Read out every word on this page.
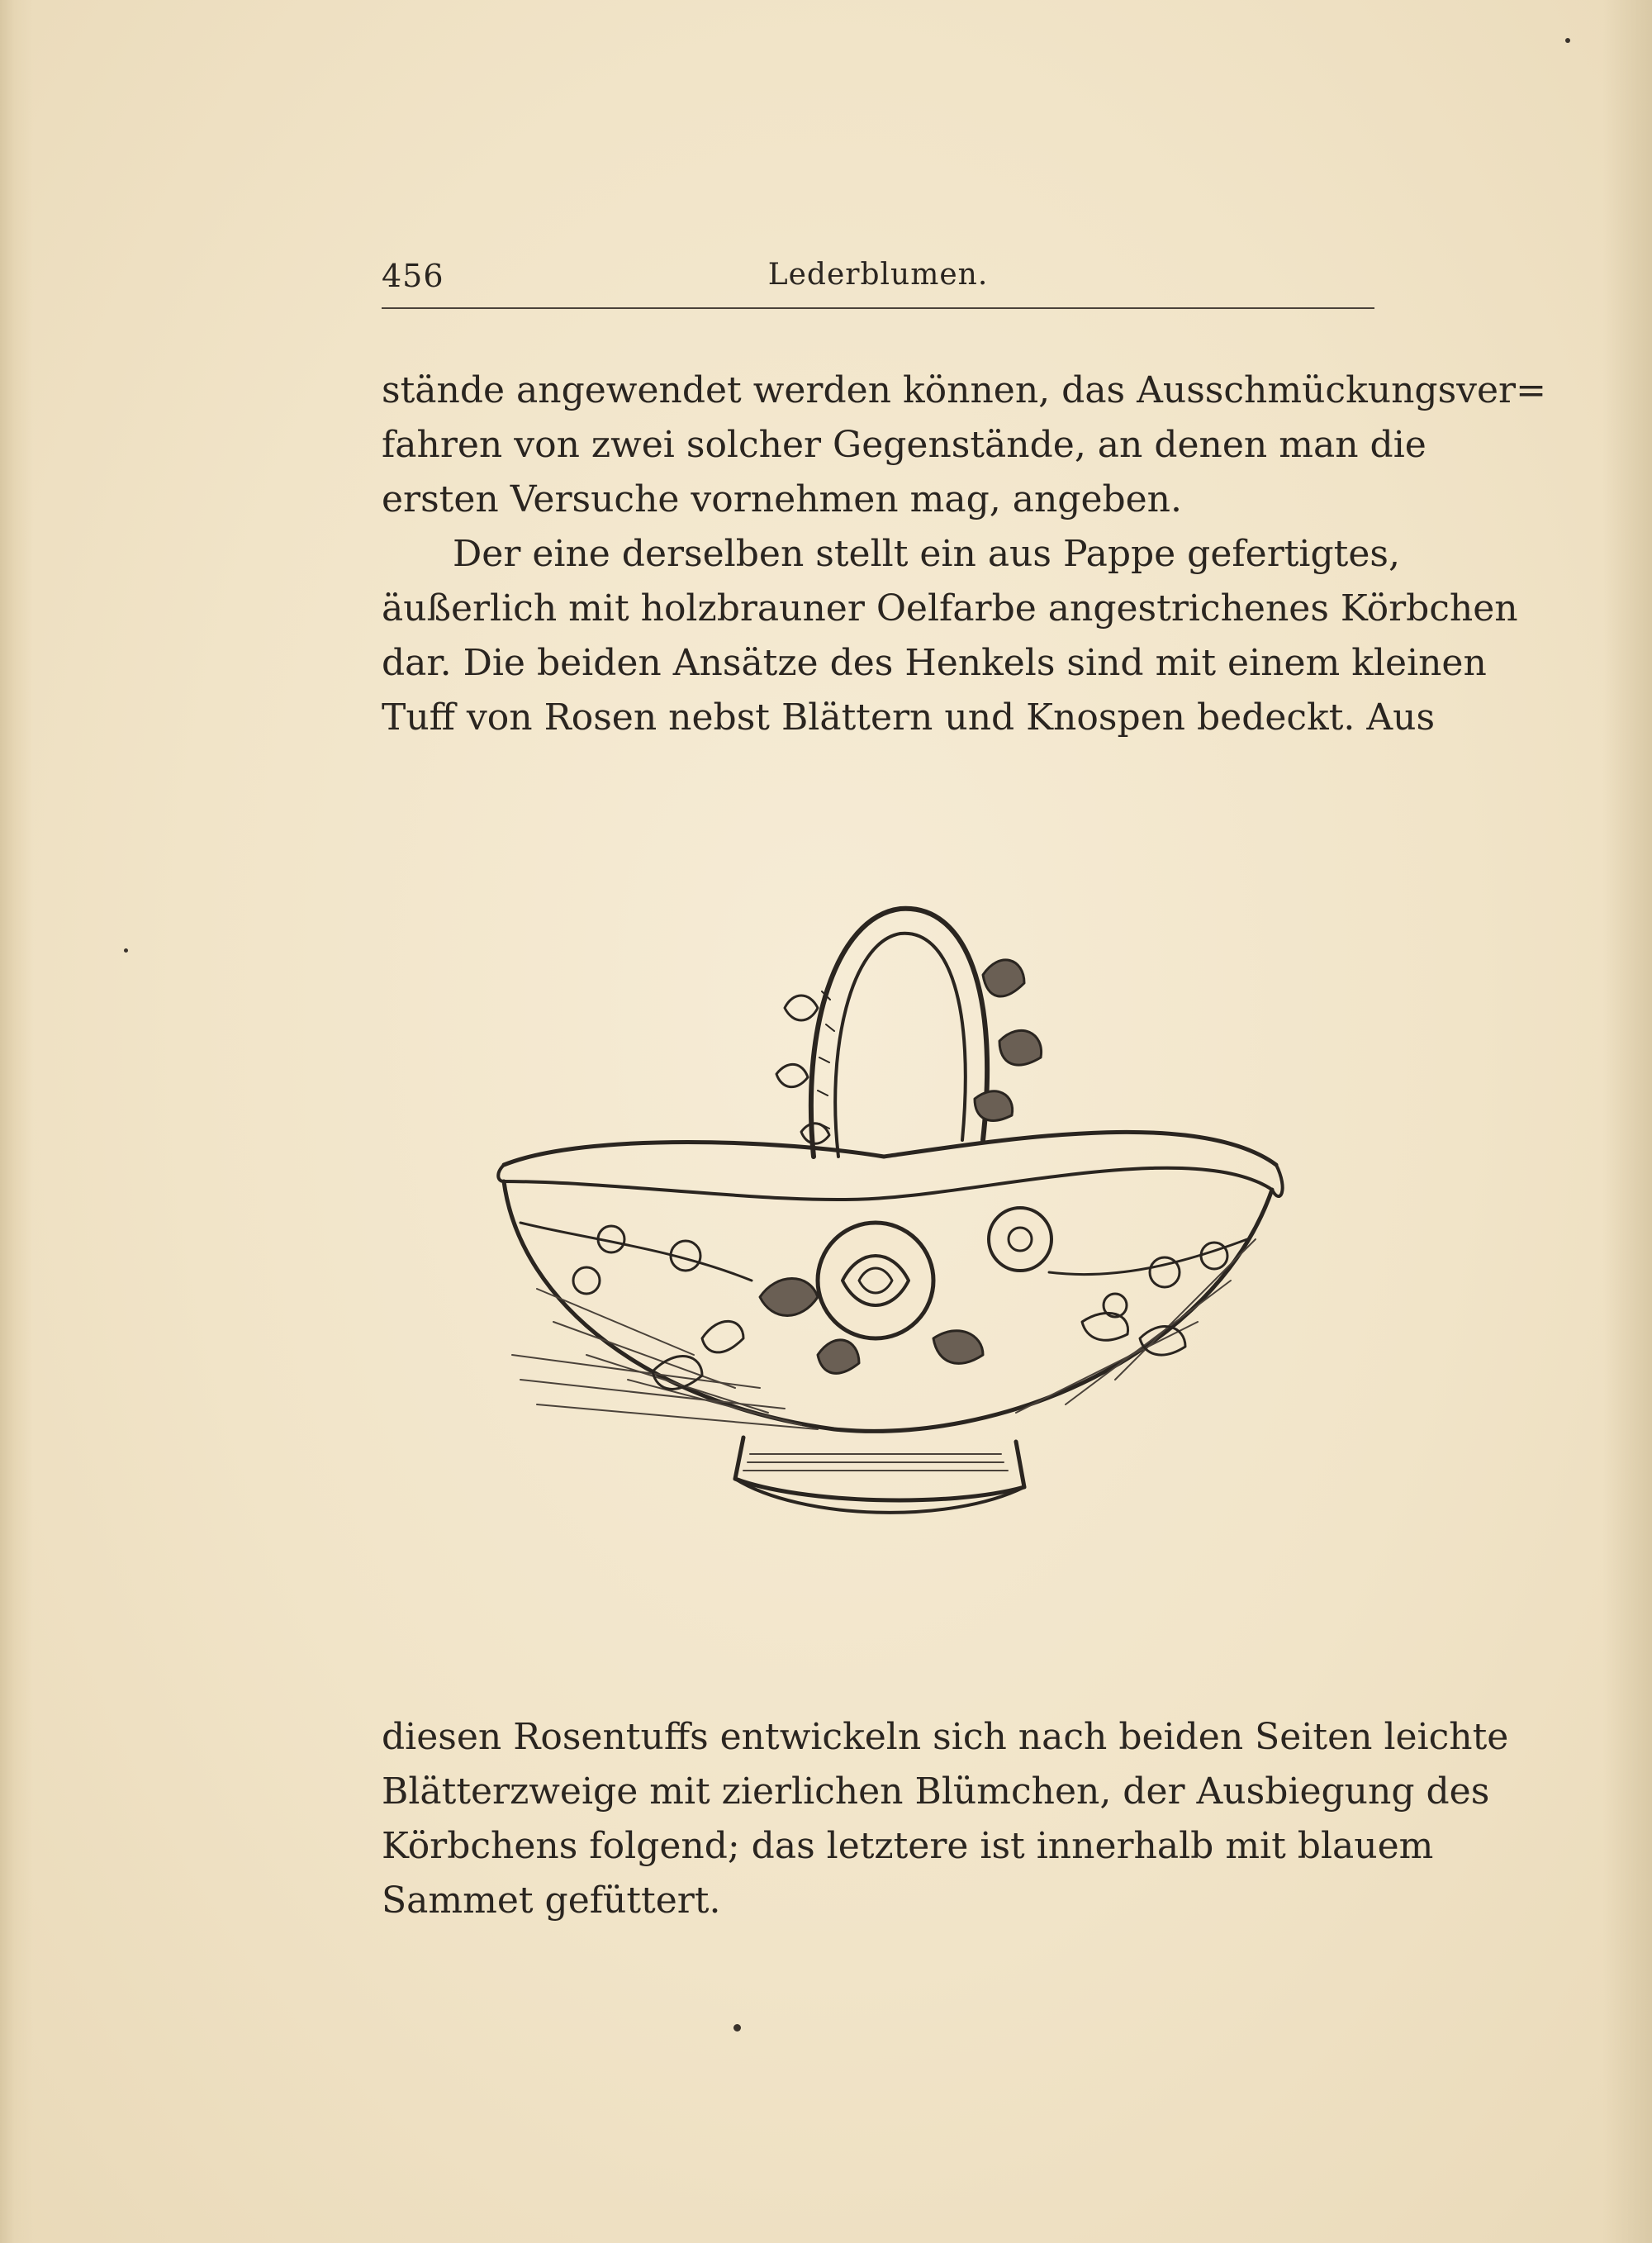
456	Lederblumen.
stände angewendet werden können, das Ausschmückungsver=
fahren von zwei solcher Gegenstände, an denen man die
ersten Versuche vornehmen mag, angeben.
Der eine derselben stellt ein aus Pappe gefertigtes,
äußerlich mit holzbrauner Oelfarbe angestrichenes Körbchen
dar. Die beiden Ansätze des Henkels sind mit einem kleinen
Tuff von Rosen nebst Blättern und Knospen bedeckt. Aus
diesen Rosentuffs entwickeln sich nach beiden Seiten leichte
Blätterzweige mit zierlichen Blümchen, der Ausbiegung des
Körbchens folgend; das letztere ist innerhalb mit blauem
Sammet gefüttert.
